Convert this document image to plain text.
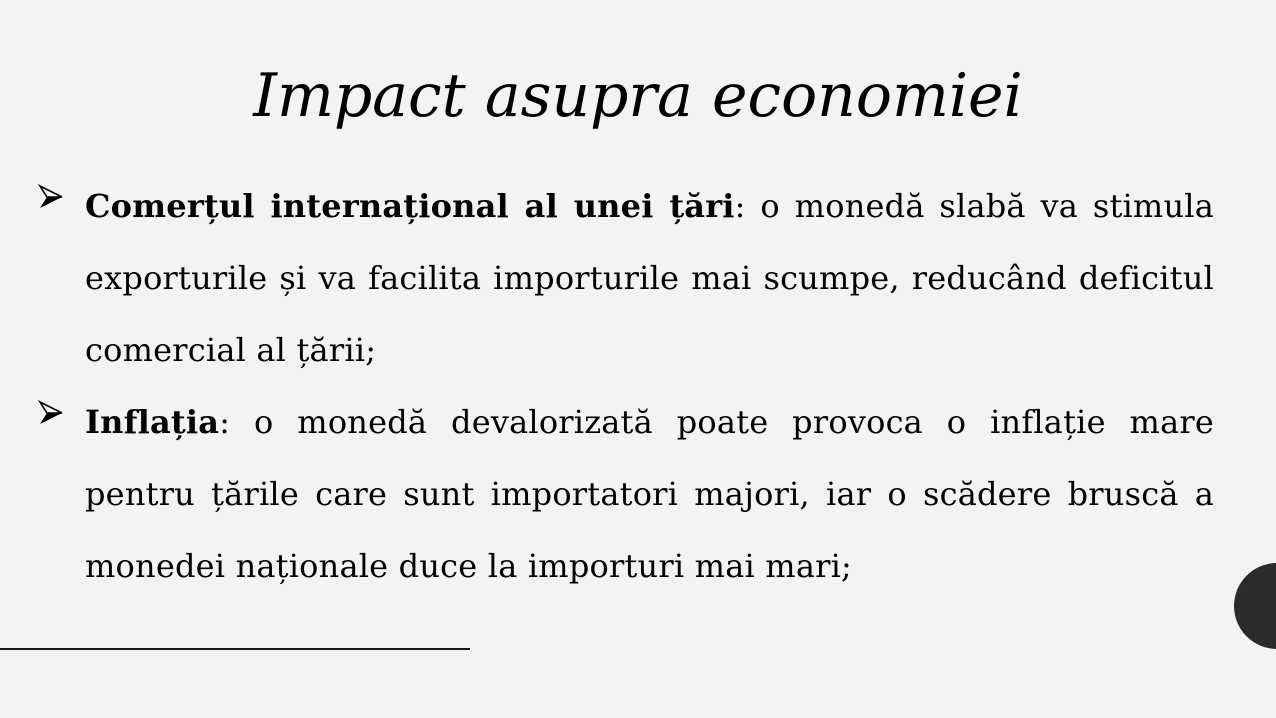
Impact asupra economiei

Comerțul internațional al unei țări: o monedă slabă va stimula exporturile și va facilita importurile mai scumpe, reducând deficitul comercial al țării;

Inflația: o monedă devalorizată poate provoca o inflație mare pentru țările care sunt importatori majori, iar o scădere bruscă a monedei naționale duce la importuri mai mari;
